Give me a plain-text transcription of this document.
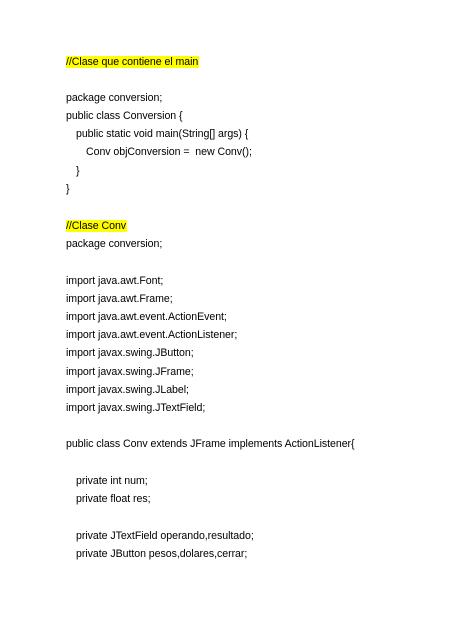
//Clase que contiene el main
package conversion;
public class Conversion {
public static void main(String[] args) {
Conv objConversion =  new Conv();
}
}
//Clase Conv
package conversion;
import java.awt.Font;
import java.awt.Frame;
import java.awt.event.ActionEvent;
import java.awt.event.ActionListener;
import javax.swing.JButton;
import javax.swing.JFrame;
import javax.swing.JLabel;
import javax.swing.JTextField;
public class Conv extends JFrame implements ActionListener{
private int num;
private float res;
private JTextField operando,resultado;
private JButton pesos,dolares,cerrar;
